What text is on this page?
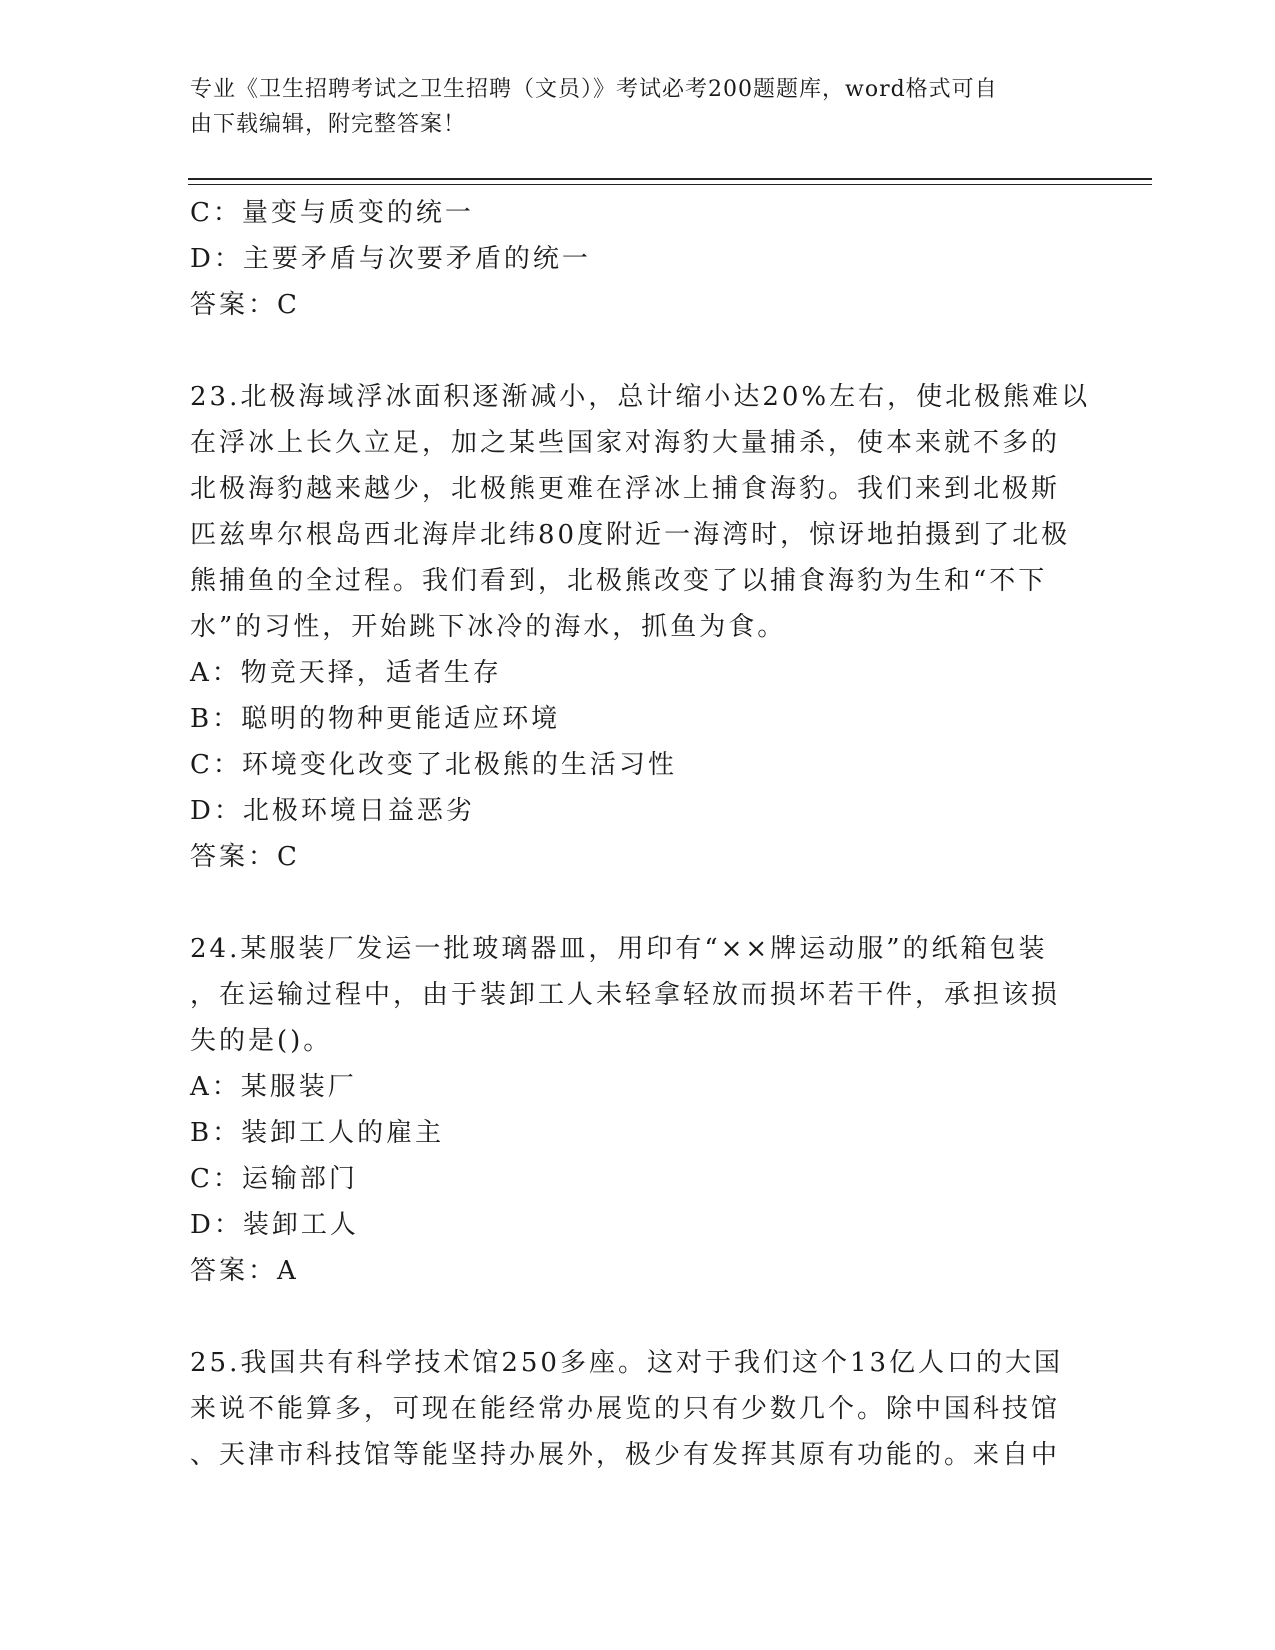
专业《卫生招聘考试之卫生招聘（文员）》考试必考200题题库，word格式可自
由下载编辑，附完整答案！
C：量变与质变的统一
D：主要矛盾与次要矛盾的统一
答案：C
23.北极海域浮冰面积逐渐减小，总计缩小达20%左右，使北极熊难以
在浮冰上长久立足，加之某些国家对海豹大量捕杀，使本来就不多的
北极海豹越来越少，北极熊更难在浮冰上捕食海豹。我们来到北极斯
匹兹卑尔根岛西北海岸北纬80度附近一海湾时，惊讶地拍摄到了北极
熊捕鱼的全过程。我们看到，北极熊改变了以捕食海豹为生和“不下
水”的习性，开始跳下冰冷的海水，抓鱼为食。
A：物竞天择，适者生存
B：聪明的物种更能适应环境
C：环境变化改变了北极熊的生活习性
D：北极环境日益恶劣
答案：C
24.某服装厂发运一批玻璃器皿，用印有“××牌运动服”的纸箱包装
，在运输过程中，由于装卸工人未轻拿轻放而损坏若干件，承担该损
失的是()。
A：某服装厂
B：装卸工人的雇主
C：运输部门
D：装卸工人
答案：A
25.我国共有科学技术馆250多座。这对于我们这个13亿人口的大国
来说不能算多，可现在能经常办展览的只有少数几个。除中国科技馆
、天津市科技馆等能坚持办展外，极少有发挥其原有功能的。来自中
